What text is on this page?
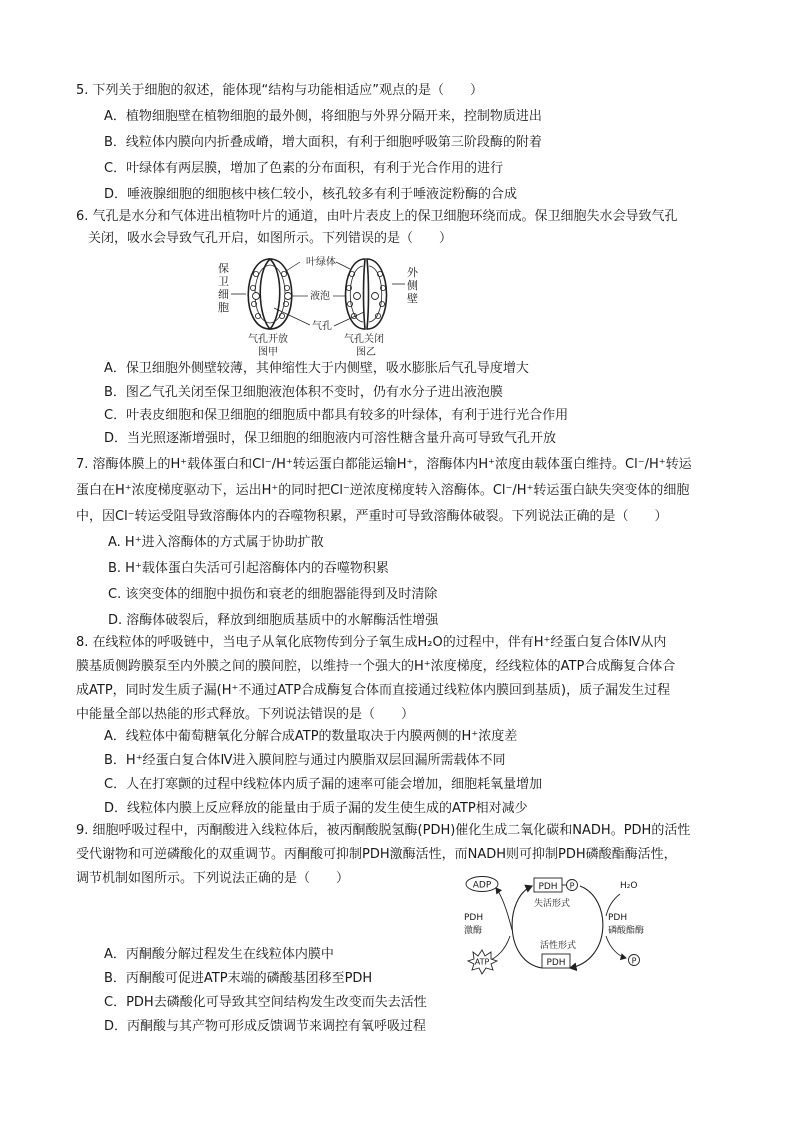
5. 下列关于细胞的叙述，能体现“结构与功能相适应”观点的是（　　）
A．植物细胞壁在植物细胞的最外侧，将细胞与外界分隔开来，控制物质进出
B．线粒体内膜向内折叠成嵴，增大面积，有利于细胞呼吸第三阶段酶的附着
C．叶绿体有两层膜，增加了色素的分布面积，有利于光合作用的进行
D．唾液腺细胞的细胞核中核仁较小，核孔较多有利于唾液淀粉酶的合成
6. 气孔是水分和气体进出植物叶片的通道，由叶片表皮上的保卫细胞环绕而成。保卫细胞失水会导致气孔
关闭，吸水会导致气孔开启，如图所示。下列错误的是（　　）
保
卫
细
胞
叶绿体
液泡
气孔
外
侧
壁
气孔开放	气孔关闭
图甲	图乙
A．保卫细胞外侧壁较薄，其伸缩性大于内侧壁，吸水膨胀后气孔导度增大
B．图乙气孔关闭至保卫细胞液泡体积不变时，仍有水分子进出液泡膜
C．叶表皮细胞和保卫细胞的细胞质中都具有较多的叶绿体，有利于进行光合作用
D．当光照逐渐增强时，保卫细胞的细胞液内可溶性糖含量升高可导致气孔开放
7. 溶酶体膜上的H⁺载体蛋白和Cl⁻/H⁺转运蛋白都能运输H⁺，溶酶体内H⁺浓度由载体蛋白维持。Cl⁻/H⁺转运
蛋白在H⁺浓度梯度驱动下，运出H⁺的同时把Cl⁻逆浓度梯度转入溶酶体。Cl⁻/H⁺转运蛋白缺失突变体的细胞
中，因Cl⁻转运受阻导致溶酶体内的吞噬物积累，严重时可导致溶酶体破裂。下列说法正确的是（　　）
A. H⁺进入溶酶体的方式属于协助扩散
B. H⁺载体蛋白失活可引起溶酶体内的吞噬物积累
C. 该突变体的细胞中损伤和衰老的细胞器能得到及时清除
D. 溶酶体破裂后，释放到细胞质基质中的水解酶活性增强
8. 在线粒体的呼吸链中，当电子从氧化底物传到分子氧生成H₂O的过程中，伴有H⁺经蛋白复合体Ⅳ从内
膜基质侧跨膜泵至内外膜之间的膜间腔，以维持一个强大的H⁺浓度梯度，经线粒体的ATP合成酶复合体合
成ATP，同时发生质子漏(H⁺不通过ATP合成酶复合体而直接通过线粒体内膜回到基质)，质子漏发生过程
中能量全部以热能的形式释放。下列说法错误的是（　　）
A．线粒体中葡萄糖氧化分解合成ATP的数量取决于内膜两侧的H⁺浓度差
B．H⁺经蛋白复合体Ⅳ进入膜间腔与通过内膜脂双层回漏所需载体不同
C．人在打寒颤的过程中线粒体内质子漏的速率可能会增加，细胞耗氧量增加
D．线粒体内膜上反应释放的能量由于质子漏的发生使生成的ATP相对减少
9. 细胞呼吸过程中，丙酮酸进入线粒体后，被丙酮酸脱氢酶(PDH)催化生成二氧化碳和NADH。PDH的活性
受代谢物和可逆磷酸化的双重调节。丙酮酸可抑制PDH激酶活性，而NADH则可抑制PDH磷酸酯酶活性，
调节机制如图所示。下列说法正确的是（　　）	ADP	PDH P
失活形式
H₂O
PDH
激酶
PDH
磷酸酯酶
P
活性形式
PDH
ATP
A．丙酮酸分解过程发生在线粒体内膜中
B．丙酮酸可促进ATP末端的磷酸基团移至PDH
C．PDH去磷酸化可导致其空间结构发生改变而失去活性
D．丙酮酸与其产物可形成反馈调节来调控有氧呼吸过程
